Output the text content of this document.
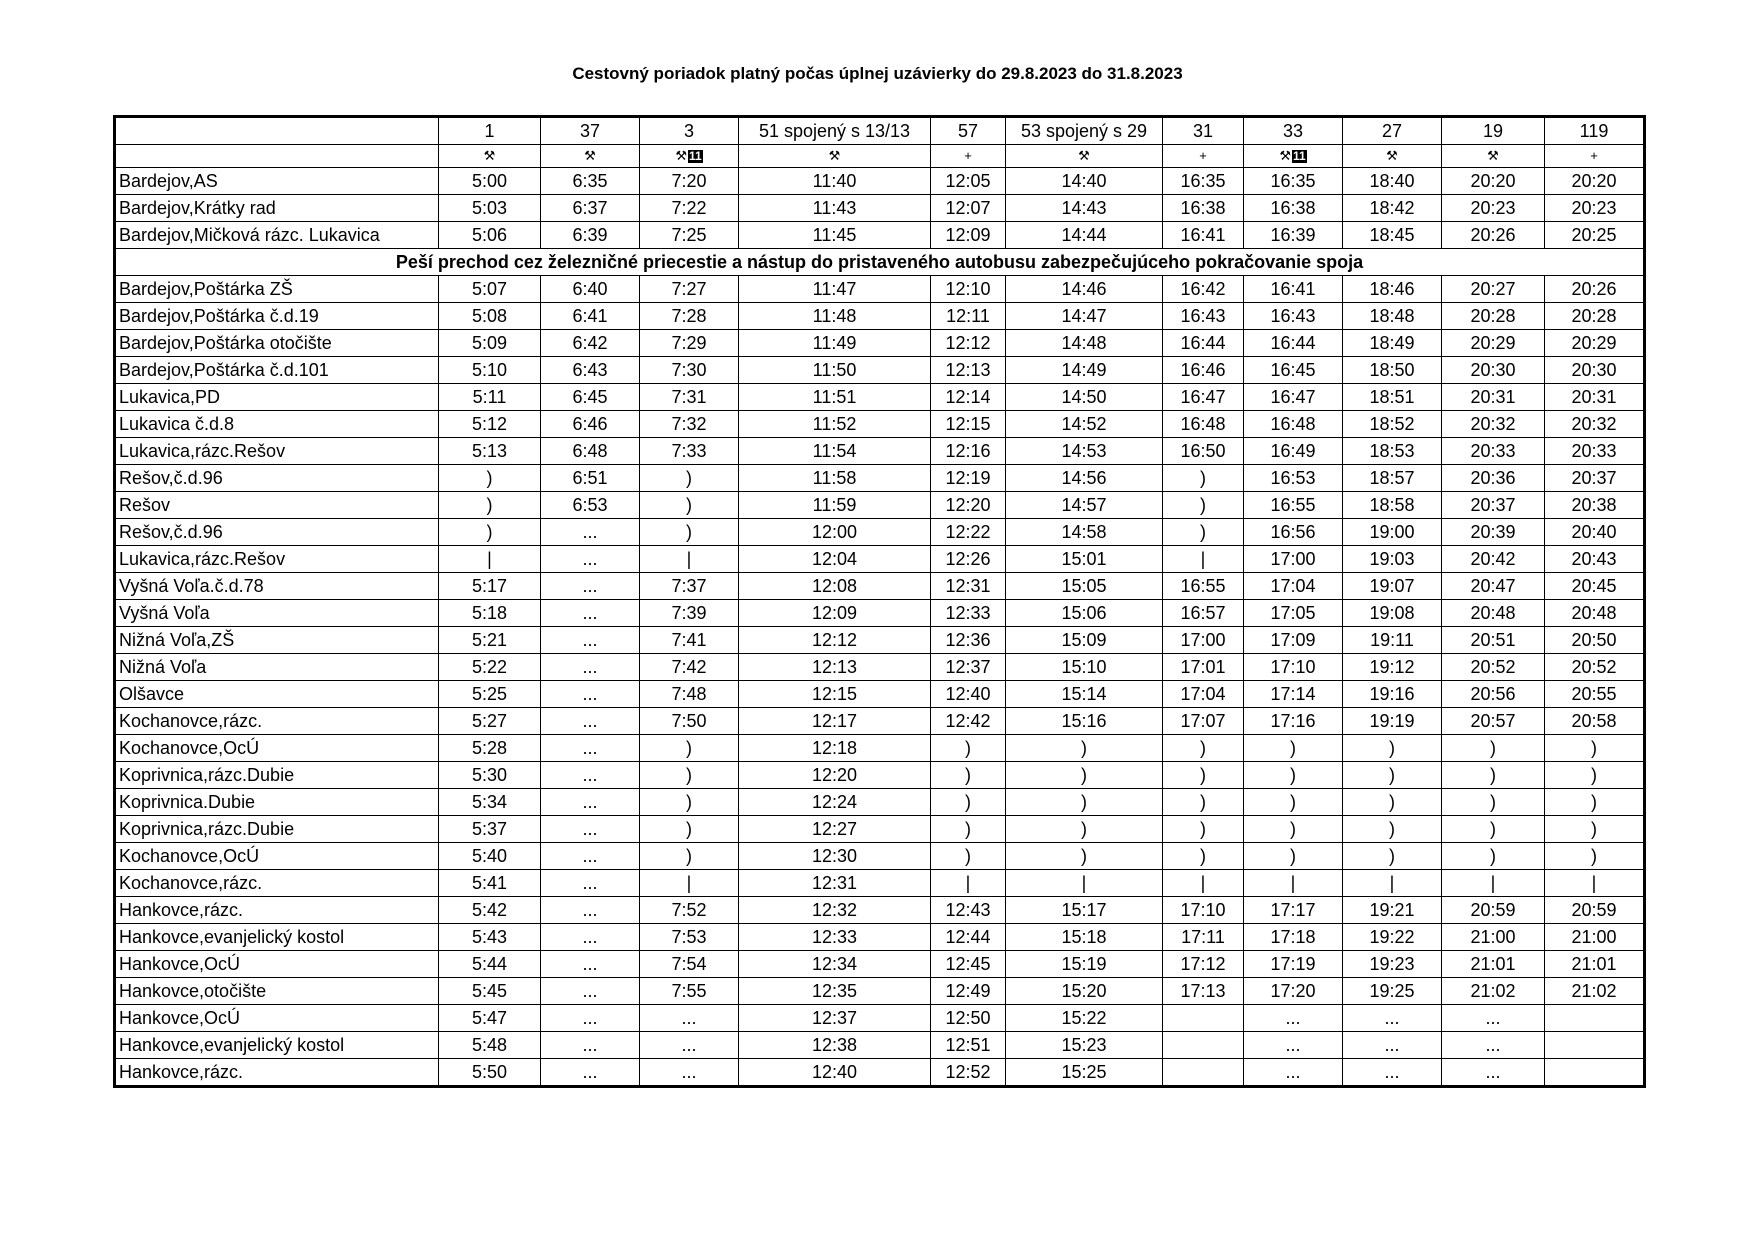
Cestovný poriadok platný počas úplnej uzávierky do 29.8.2023 do 31.8.2023
	1	37	3	51 spojený s 13/13	57	53 spojený s 29	31	33	27	19	119
	⚒	⚒	⚒ 11	⚒	+	⚒	+	⚒ 11	⚒	⚒	+
Bardejov,AS	5:00	6:35	7:20	11:40	12:05	14:40	16:35	16:35	18:40	20:20	20:20
Bardejov,Krátky rad	5:03	6:37	7:22	11:43	12:07	14:43	16:38	16:38	18:42	20:23	20:23
Bardejov,Mičková rázc. Lukavica	5:06	6:39	7:25	11:45	12:09	14:44	16:41	16:39	18:45	20:26	20:25
Peší prechod cez železničné priecestie a nástup do pristaveného autobusu zabezpečujúceho pokračovanie spoja											
Bardejov,Poštárka ZŠ	5:07	6:40	7:27	11:47	12:10	14:46	16:42	16:41	18:46	20:27	20:26
Bardejov,Poštárka č.d.19	5:08	6:41	7:28	11:48	12:11	14:47	16:43	16:43	18:48	20:28	20:28
Bardejov,Poštárka otočište	5:09	6:42	7:29	11:49	12:12	14:48	16:44	16:44	18:49	20:29	20:29
Bardejov,Poštárka č.d.101	5:10	6:43	7:30	11:50	12:13	14:49	16:46	16:45	18:50	20:30	20:30
Lukavica,PD	5:11	6:45	7:31	11:51	12:14	14:50	16:47	16:47	18:51	20:31	20:31
Lukavica č.d.8	5:12	6:46	7:32	11:52	12:15	14:52	16:48	16:48	18:52	20:32	20:32
Lukavica,rázc.Rešov	5:13	6:48	7:33	11:54	12:16	14:53	16:50	16:49	18:53	20:33	20:33
Rešov,č.d.96	)	6:51	)	11:58	12:19	14:56	)	16:53	18:57	20:36	20:37
Rešov	)	6:53	)	11:59	12:20	14:57	)	16:55	18:58	20:37	20:38
Rešov,č.d.96	)	...	)	12:00	12:22	14:58	)	16:56	19:00	20:39	20:40
Lukavica,rázc.Rešov	|	...	|	12:04	12:26	15:01	|	17:00	19:03	20:42	20:43
Vyšná Voľa.č.d.78	5:17	...	7:37	12:08	12:31	15:05	16:55	17:04	19:07	20:47	20:45
Vyšná Voľa	5:18	...	7:39	12:09	12:33	15:06	16:57	17:05	19:08	20:48	20:48
Nižná Voľa,ZŠ	5:21	...	7:41	12:12	12:36	15:09	17:00	17:09	19:11	20:51	20:50
Nižná Voľa	5:22	...	7:42	12:13	12:37	15:10	17:01	17:10	19:12	20:52	20:52
Olšavce	5:25	...	7:48	12:15	12:40	15:14	17:04	17:14	19:16	20:56	20:55
Kochanovce,rázc.	5:27	...	7:50	12:17	12:42	15:16	17:07	17:16	19:19	20:57	20:58
Kochanovce,OcÚ	5:28	...	)	12:18	)	)	)	)	)	)	)
Koprivnica,rázc.Dubie	5:30	...	)	12:20	)	)	)	)	)	)	)
Koprivnica.Dubie	5:34	...	)	12:24	)	)	)	)	)	)	)
Koprivnica,rázc.Dubie	5:37	...	)	12:27	)	)	)	)	)	)	)
Kochanovce,OcÚ	5:40	...	)	12:30	)	)	)	)	)	)	)
Kochanovce,rázc.	5:41	...	|	12:31	|	|	|	|	|	|	|
Hankovce,rázc.	5:42	...	7:52	12:32	12:43	15:17	17:10	17:17	19:21	20:59	20:59
Hankovce,evanjelický kostol	5:43	...	7:53	12:33	12:44	15:18	17:11	17:18	19:22	21:00	21:00
Hankovce,OcÚ	5:44	...	7:54	12:34	12:45	15:19	17:12	17:19	19:23	21:01	21:01
Hankovce,otočište	5:45	...	7:55	12:35	12:49	15:20	17:13	17:20	19:25	21:02	21:02
Hankovce,OcÚ	5:47	...	...	12:37	12:50	15:22		...	...	...	
Hankovce,evanjelický kostol	5:48	...	...	12:38	12:51	15:23		...	...	...	
Hankovce,rázc.	5:50	...	...	12:40	12:52	15:25		...	...	...	
